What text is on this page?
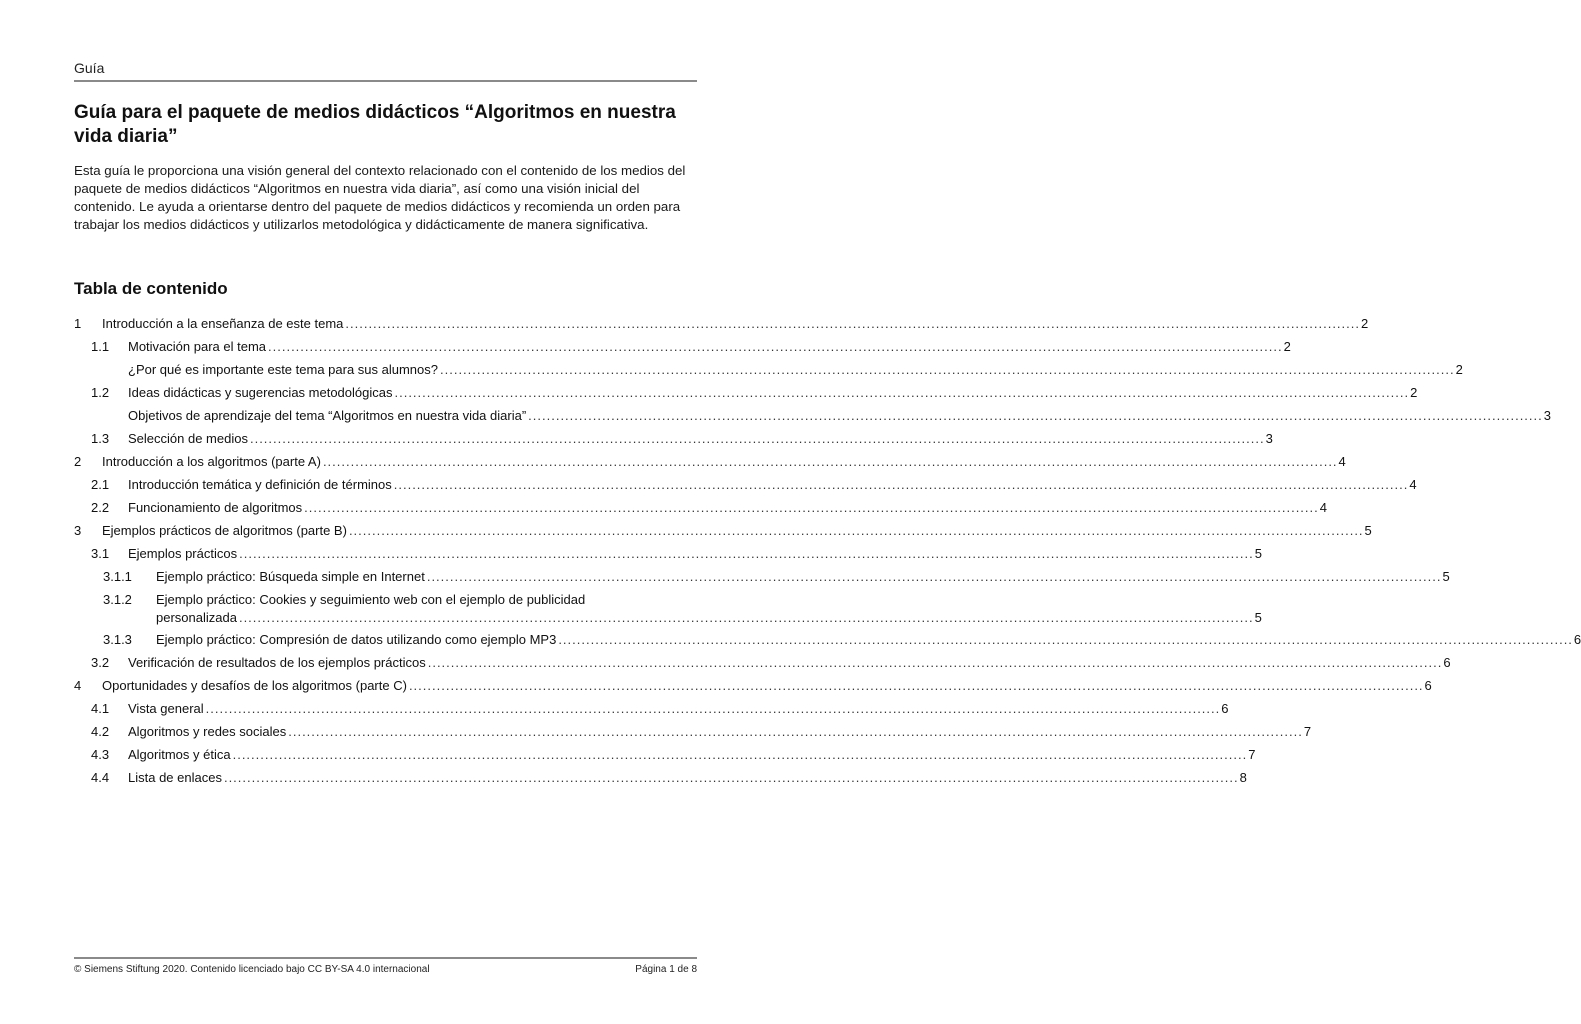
Guía
Guía para el paquete de medios didácticos “Algoritmos en nuestra vida diaria”

Esta guía le proporciona una visión general del contexto relacionado con el contenido de los medios del paquete de medios didácticos “Algoritmos en nuestra vida diaria”, así como una visión inicial del contenido. Le ayuda a orientarse dentro del paquete de medios didácticos y recomienda un orden para trabajar los medios didácticos y utilizarlos metodológica y didácticamente de manera significativa.

Tabla de contenido
1 Introducción a la enseñanza de este tema ............................................................................................................................................................................................................................ 2
1.1 Motivación para el tema ............................................................................................................................................................................................................................ 2
¿Por qué es importante este tema para sus alumnos? ............................................................................................................................................................................................................................ 2
1.2 Ideas didácticas y sugerencias metodológicas ............................................................................................................................................................................................................................ 2
Objetivos de aprendizaje del tema “Algoritmos en nuestra vida diaria” ............................................................................................................................................................................................................................ 3
1.3 Selección de medios ............................................................................................................................................................................................................................ 3
2 Introducción a los algoritmos (parte A) ............................................................................................................................................................................................................................ 4
2.1 Introducción temática y definición de términos ............................................................................................................................................................................................................................ 4
2.2 Funcionamiento de algoritmos ............................................................................................................................................................................................................................ 4
3 Ejemplos prácticos de algoritmos (parte B) ............................................................................................................................................................................................................................ 5
3.1 Ejemplos prácticos ............................................................................................................................................................................................................................ 5
3.1.1 Ejemplo práctico: Búsqueda simple en Internet ............................................................................................................................................................................................................................ 5
3.1.2 Ejemplo práctico: Cookies y seguimiento web con el ejemplo de publicidad
personalizada ............................................................................................................................................................................................................................ 5
3.1.3 Ejemplo práctico: Compresión de datos utilizando como ejemplo MP3 ............................................................................................................................................................................................................................ 6
3.2 Verificación de resultados de los ejemplos prácticos ............................................................................................................................................................................................................................ 6
4 Oportunidades y desafíos de los algoritmos (parte C) ............................................................................................................................................................................................................................ 6
4.1 Vista general ............................................................................................................................................................................................................................ 6
4.2 Algoritmos y redes sociales ............................................................................................................................................................................................................................ 7
4.3 Algoritmos y ética ............................................................................................................................................................................................................................ 7
4.4 Lista de enlaces ............................................................................................................................................................................................................................ 8
© Siemens Stiftung 2020. Contenido licenciado bajo CC BY-SA 4.0 internacional	Página 1 de 8
